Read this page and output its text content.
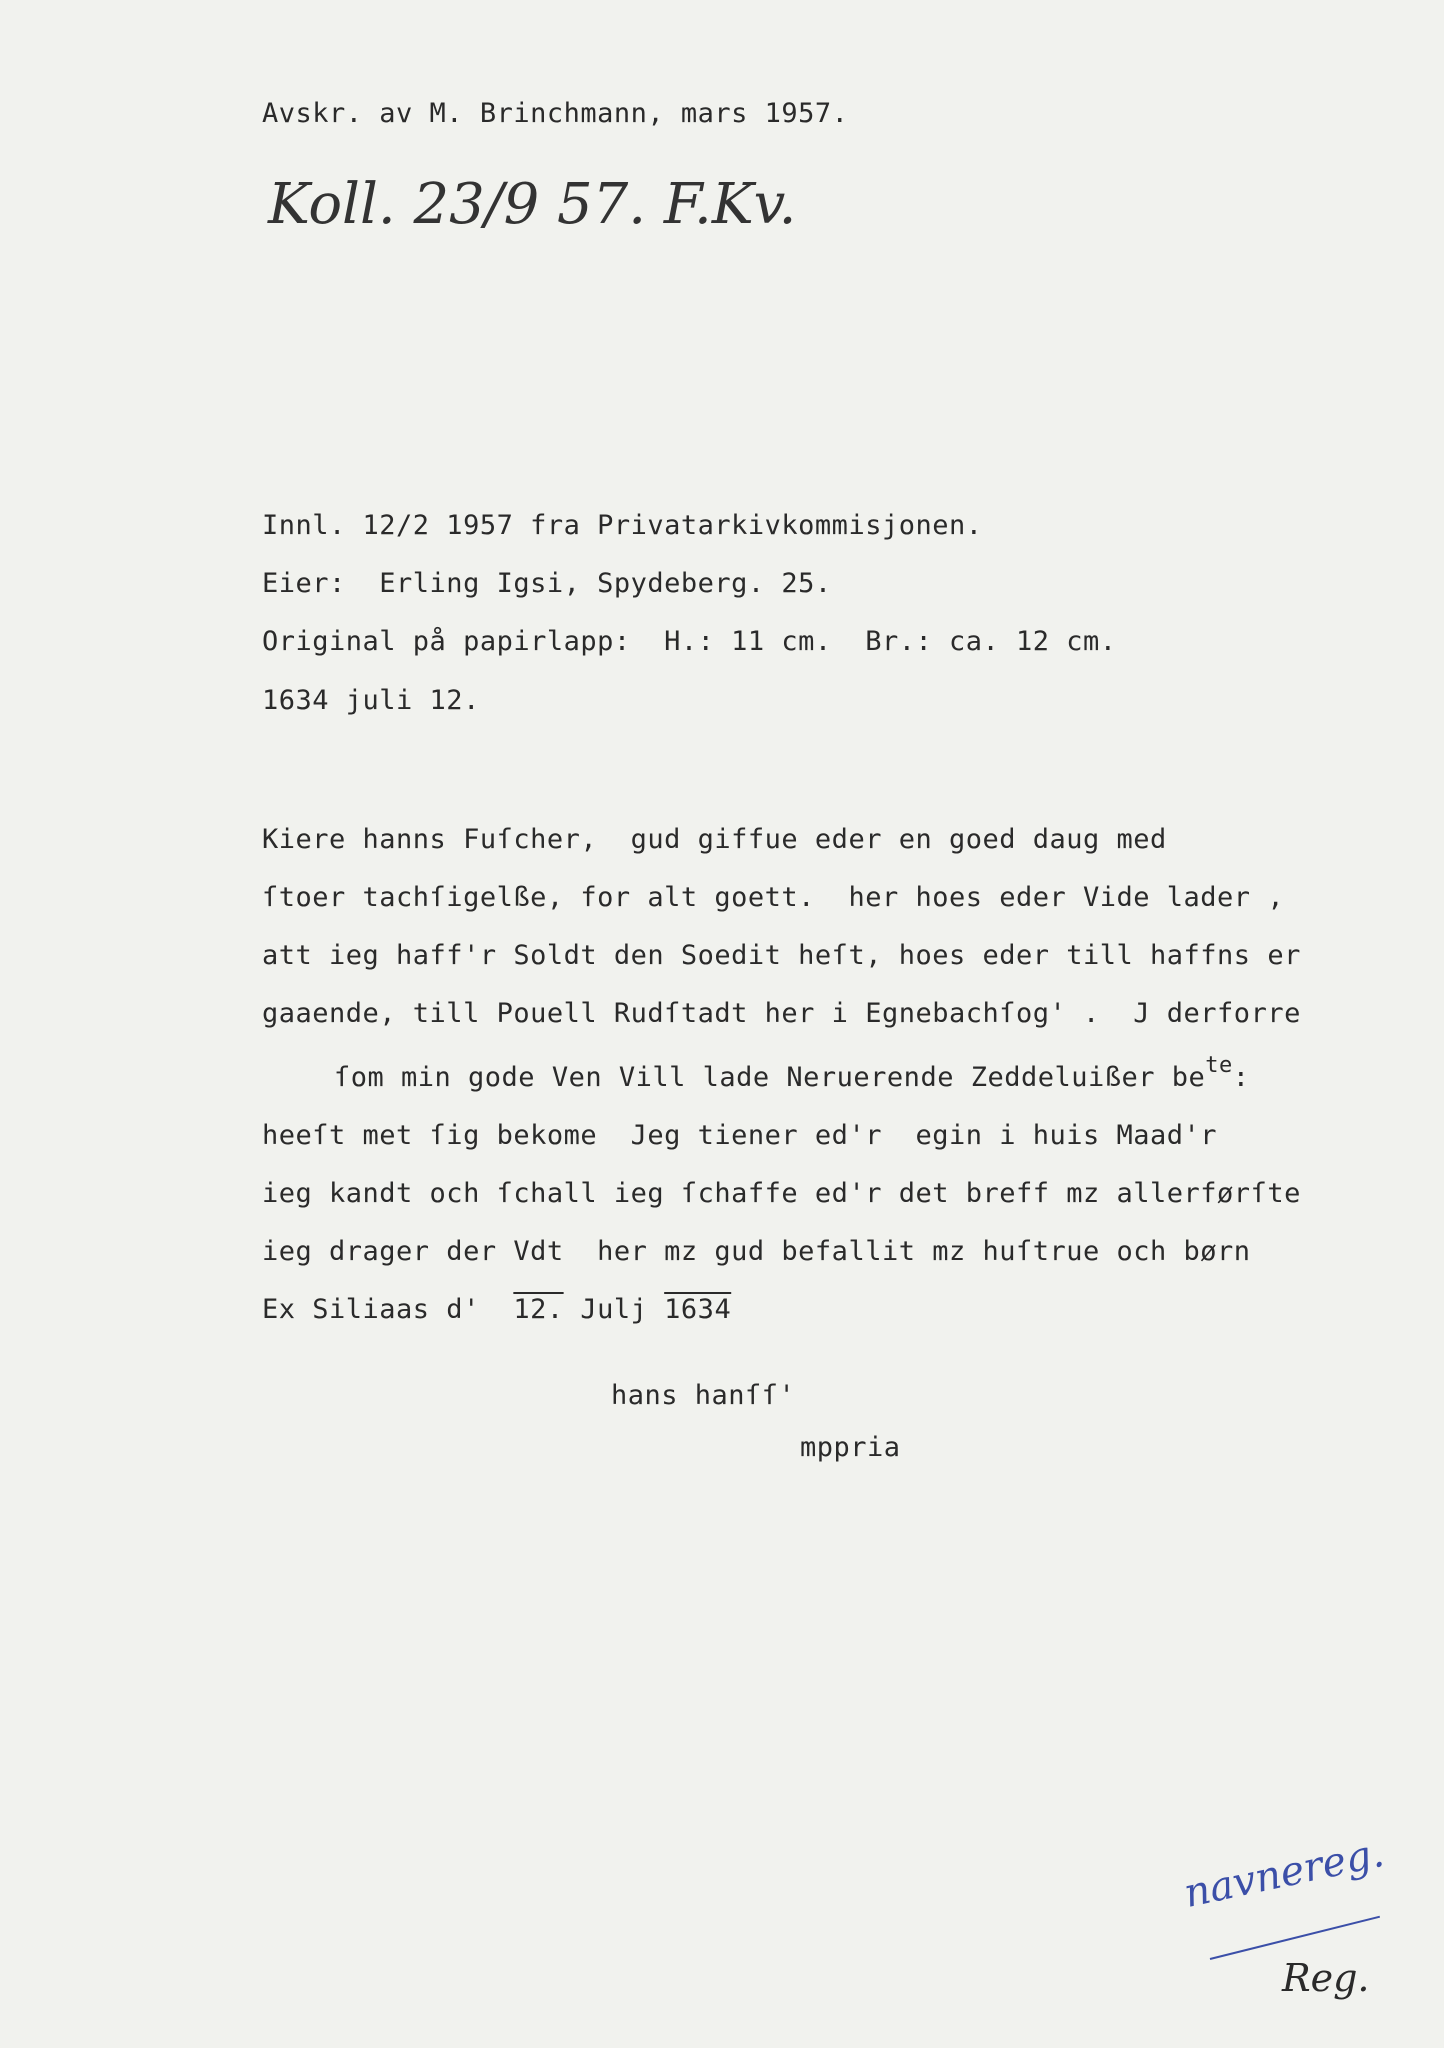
Avskr. av M. Brinchmann, mars 1957.

Koll. 23/9 57. F.Kv.

Innl. 12/2 1957 fra Privatarkivkommisjonen.

Eier:  Erling Igsi, Spydeberg. 25.

Original på papirlapp:  H.: 11 cm.  Br.: ca. 12 cm.

1634 juli 12.

Kiere hanns Fuſcher,  gud giffue eder en goed daug med

ſtoer tachſigelße, for alt goett.  her hoes eder Vide lader ,

att ieg haff'r Soldt den Soedit heſt, hoes eder till haffns er

gaaende, till Pouell Rudſtadt her i Egnebachſog' .  J derforre

ſom min gode Ven Vill lade Neruerende Zeddeluißer $be^{te}$:

heeſt met ſig bekome  Jeg tiener ed'r  egin i huis Maad'r

ieg kandt och ſchall ieg ſchaffe ed'r det breff mz allerførſte

ieg drager der Vdt  her mz gud befallit mz huſtrue och børn

Ex Siliaas d'  12. Julj 1634

hans hanſſ'

mppria

navnereg.
Reg.
